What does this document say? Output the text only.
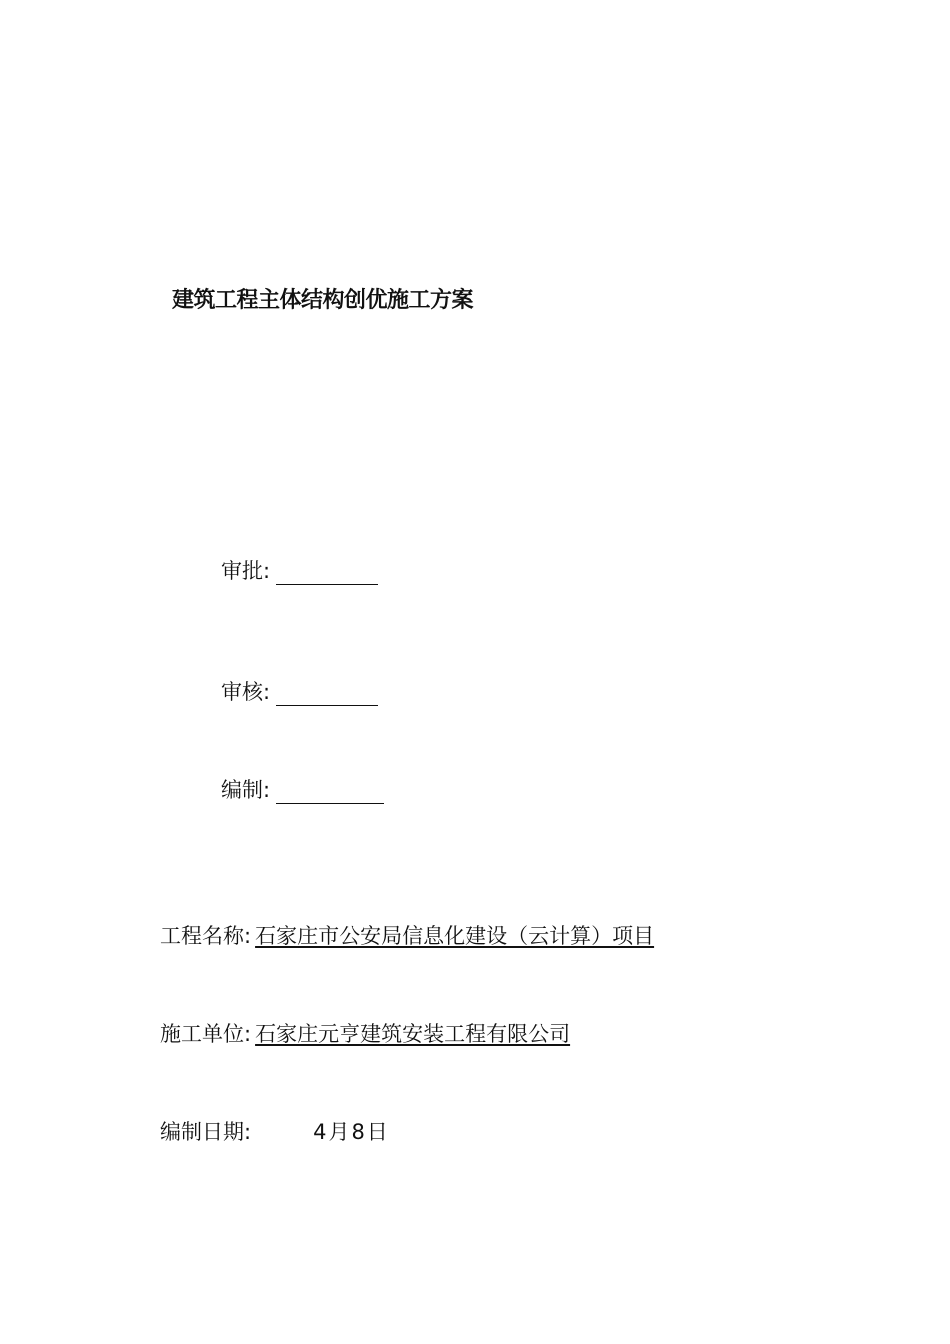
建筑工程主体结构创优施工方案
审批:
审核:
编制:
工程名称: 石家庄市公安局信息化建设（云计算）项目
施工单位: 石家庄元亨建筑安装工程有限公司
编制日期:	4月8日
